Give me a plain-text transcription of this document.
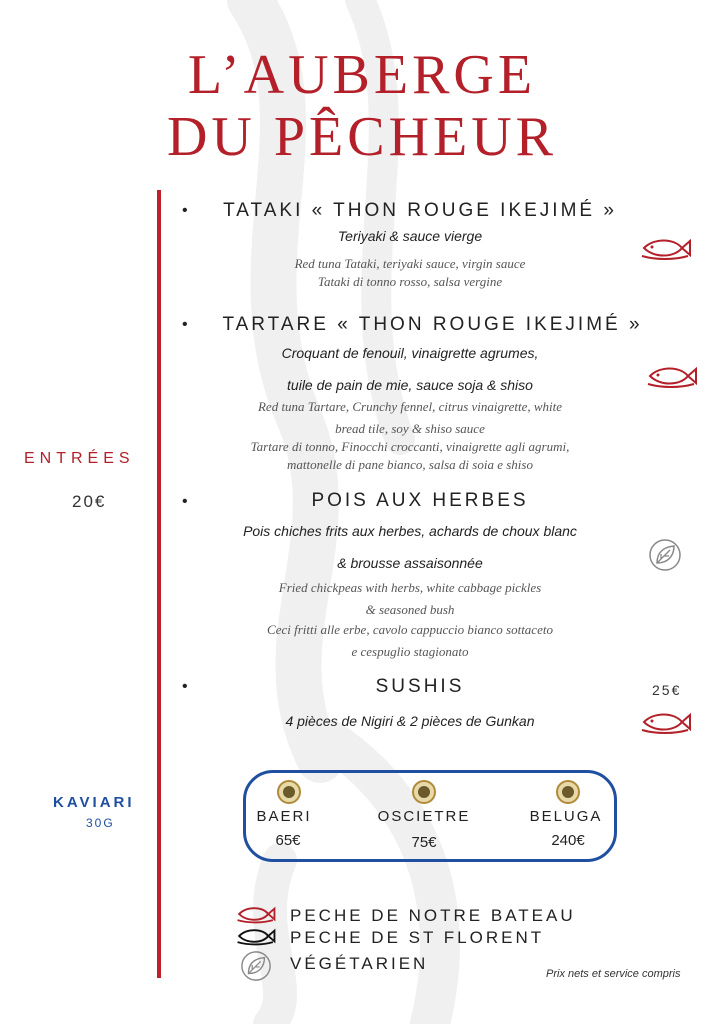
L’AUBERGE
DU PÊCHEUR
ENTRÉES
20€
•	TATAKI « THON ROUGE IKEJIMÉ »
Teriyaki & sauce vierge
Red tuna Tataki, teriyaki sauce, virgin sauce
Tataki di tonno rosso, salsa vergine
•	TARTARE « THON ROUGE IKEJIMÉ »
Croquant de fenouil, vinaigrette agrumes,
tuile de pain de mie, sauce soja & shiso
Red tuna Tartare, Crunchy fennel, citrus vinaigrette, white
bread tile, soy & shiso sauce
Tartare di tonno, Finocchi croccanti, vinaigrette agli agrumi,
mattonelle di pane bianco, salsa di soia e shiso
•	POIS AUX HERBES
Pois chiches frits aux herbes, achards de choux blanc
& brousse assaisonnée
Fried chickpeas with herbs, white cabbage pickles
& seasoned bush
Ceci fritti alle erbe, cavolo cappuccio bianco sottaceto
e cespuglio stagionato
•	SUSHIS	25€
4 pièces de Nigiri & 2 pièces de Gunkan
KAVIARI
30G	BAERI
65€
OSCIETRE
75€
BELUGA
240€
PECHE DE NOTRE BATEAU
PECHE DE ST FLORENT
VÉGÉTARIEN
Prix nets et service compris
